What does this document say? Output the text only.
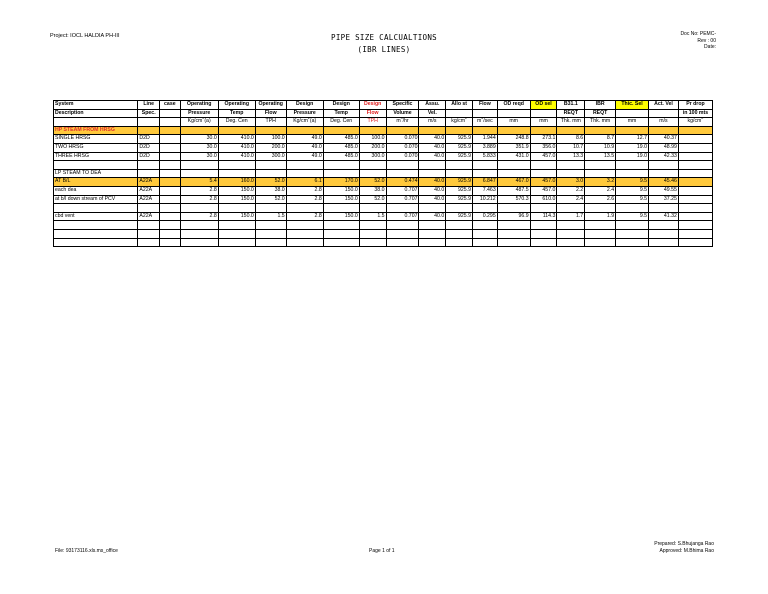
Project: IOCL HALDIA PH-III	PIPE SIZE CALCUALTIONS
(IBR LINES)
Doc No: PEMC-
Rev : 00
Date:
System	Line	case	Operating	Operating	Operating	Design	Design	Design	Specific	Assu.	Allo st	Flow	OD reqd	OD sel	B31.1	IBR	Thic. Sel	Act. Vel	Pr drop
Description	Spec.		Pressure	Temp	Flow	Pressure	Temp	Flow	Volume	Vel.					REQT	REQT			in 100 mts
			$Kg/cm^2(a)$	Deg. Cen	TPH	$Kg/cm^2(a)$	Deg. Cen	TPH	$m^3/hr$	m/s	$kg/cm^2$	$m^3/\sec$	mm	mm	Thk. mm	Thk. mm	mm	m/s	$kg/cm^2$
HP STEAM FROM HRSG																			
SINGLE HRSG	D2D		30.0	410.0	100.0	49.0	485.0	100.0	0.070	40.0	925.9	1.944	248.8	273.1	8.6	8.7	12.7	40.37	
TWO HRSG	D2D		30.0	410.0	200.0	49.0	485.0	200.0	0.070	40.0	925.9	3.889	351.9	356.0	10.7	10.9	19.0	48.99	
THREE HRSG	D2D		30.0	410.0	300.0	49.0	485.0	300.0	0.070	40.0	925.9	5.833	431.0	457.0	13.3	13.5	19.0	42.33	

LP STEAM TO DEA																			
AT B/L	A22A		5.4	160.0	52.0	6.1	170.0	52.0	0.474	40.0	925.9	6.847	467.0	457.0	3.0	3.2	9.5	45.46	
each dea	A22A		2.8	150.0	38.0	2.8	150.0	38.0	0.707	40.0	925.9	7.463	487.5	457.0	2.2	2.4	9.5	49.55	
at b/l down stream of PCV	A22A		2.8	150.0	52.0	2.8	150.0	52.0	0.707	40.0	925.9	10.212	570.3	610.0	2.4	2.6	9.5	37.25	

cbd vent	A22A		2.8	150.0	1.5	2.8	150.0	1.5	0.707	40.0	925.9	0.295	96.9	114.3	1.7	1.9	9.5	41.32	

File: 93173116.xls.ms_office	Page 1 of 1
Prepared: S.Bhujanga Rao
Approved: M.Bhima Rao
